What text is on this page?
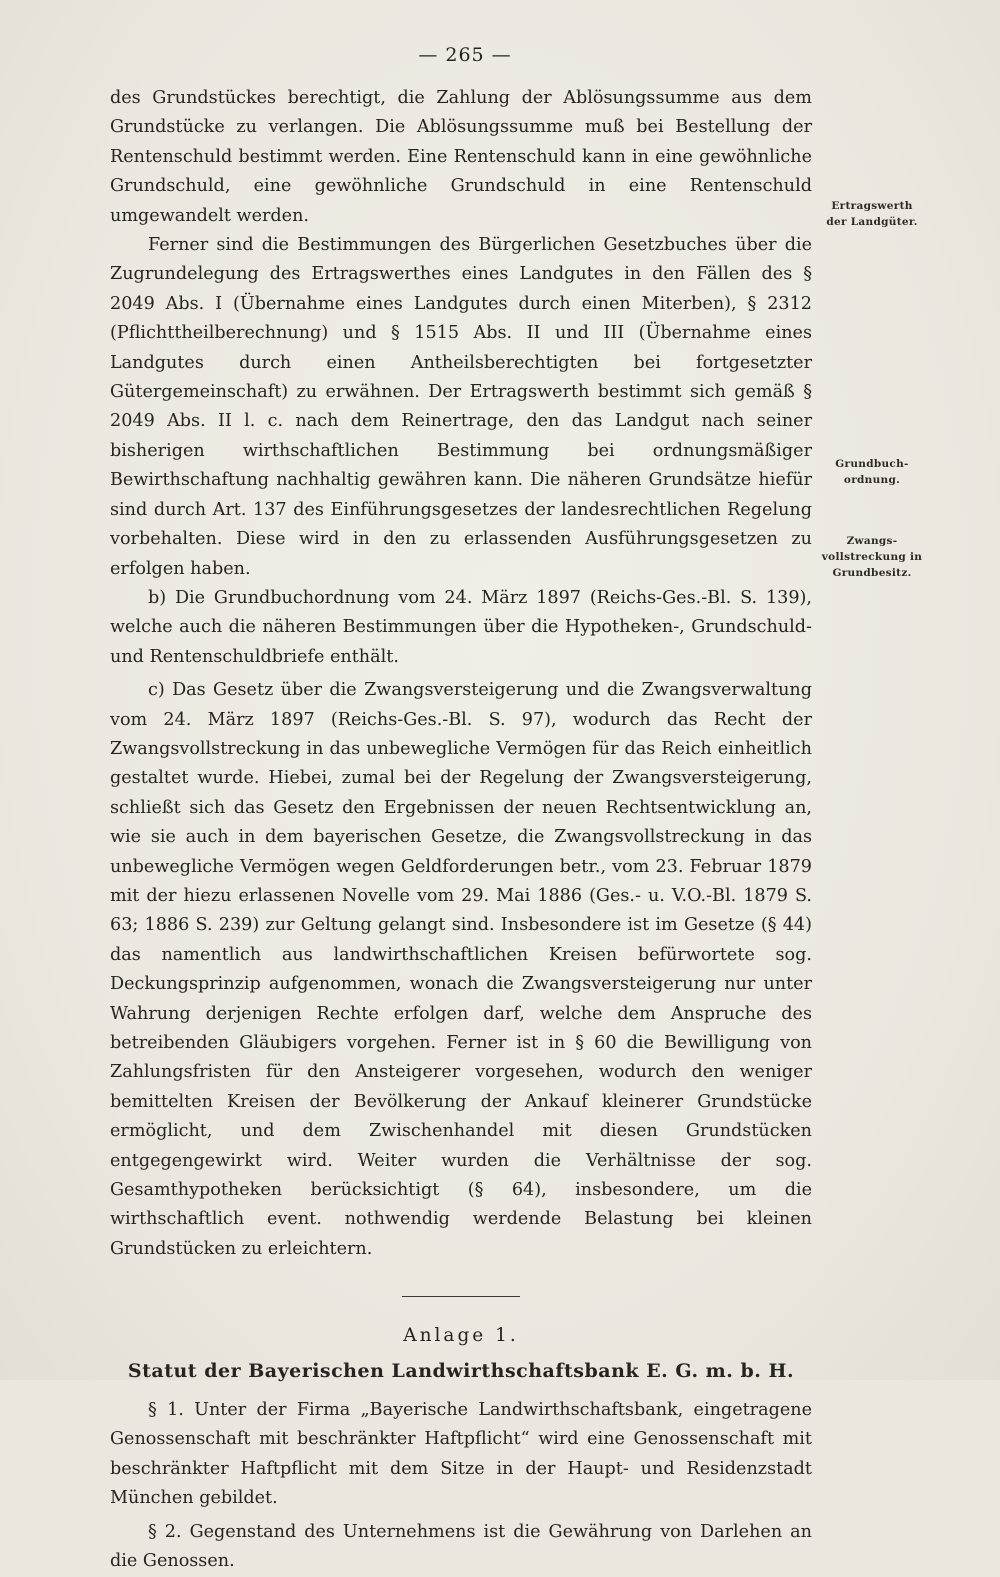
— 265 —

des Grundstückes berechtigt, die Zahlung der Ablösungssumme aus dem Grundstücke zu verlangen. Die Ablösungssumme muß bei Bestellung der Rentenschuld bestimmt werden. Eine Rentenschuld kann in eine gewöhnliche Grundschuld, eine gewöhnliche Grundschuld in eine Rentenschuld umgewandelt werden.

Ferner sind die Bestimmungen des Bürgerlichen Gesetzbuches über die Zugrundelegung des Ertragswerthes eines Landgutes in den Fällen des § 2049 Abs. I (Übernahme eines Landgutes durch einen Miterben), § 2312 (Pflichttheilberechnung) und § 1515 Abs. II und III (Übernahme eines Landgutes durch einen Antheilsberechtigten bei fortgesetzter Gütergemeinschaft) zu erwähnen. Der Ertragswerth bestimmt sich gemäß § 2049 Abs. II l. c. nach dem Reinertrage, den das Landgut nach seiner bisherigen wirthschaftlichen Bestimmung bei ordnungsmäßiger Bewirthschaftung nachhaltig gewähren kann. Die näheren Grundsätze hiefür sind durch Art. 137 des Einführungsgesetzes der landesrechtlichen Regelung vorbehalten. Diese wird in den zu erlassenden Ausführungsgesetzen zu erfolgen haben.

b) Die Grundbuchordnung vom 24. März 1897 (Reichs-Ges.-Bl. S. 139), welche auch die näheren Bestimmungen über die Hypotheken-, Grundschuld- und Rentenschuldbriefe enthält.

c) Das Gesetz über die Zwangsversteigerung und die Zwangsverwaltung vom 24. März 1897 (Reichs-Ges.-Bl. S. 97), wodurch das Recht der Zwangsvollstreckung in das unbewegliche Vermögen für das Reich einheitlich gestaltet wurde. Hiebei, zumal bei der Regelung der Zwangsversteigerung, schließt sich das Gesetz den Ergebnissen der neuen Rechtsentwicklung an, wie sie auch in dem bayerischen Gesetze, die Zwangsvollstreckung in das unbewegliche Vermögen wegen Geldforderungen betr., vom 23. Februar 1879 mit der hiezu erlassenen Novelle vom 29. Mai 1886 (Ges.- u. V.O.-Bl. 1879 S. 63; 1886 S. 239) zur Geltung gelangt sind. Insbesondere ist im Gesetze (§ 44) das namentlich aus landwirthschaftlichen Kreisen befürwortete sog. Deckungsprinzip aufgenommen, wonach die Zwangsversteigerung nur unter Wahrung derjenigen Rechte erfolgen darf, welche dem Anspruche des betreibenden Gläubigers vorgehen. Ferner ist in § 60 die Bewilligung von Zahlungsfristen für den Ansteigerer vorgesehen, wodurch den weniger bemittelten Kreisen der Bevölkerung der Ankauf kleinerer Grundstücke ermöglicht, und dem Zwischenhandel mit diesen Grundstücken entgegengewirkt wird. Weiter wurden die Verhältnisse der sog. Gesamthypotheken berücksichtigt (§ 64), insbesondere, um die wirthschaftlich event. nothwendig werdende Belastung bei kleinen Grundstücken zu erleichtern.

Anlage 1.

Statut der Bayerischen Landwirthschaftsbank E. G. m. b. H.

§ 1. Unter der Firma „Bayerische Landwirthschaftsbank, eingetragene Genossenschaft mit beschränkter Haftpflicht“ wird eine Genossenschaft mit beschränkter Haftpflicht mit dem Sitze in der Haupt- und Residenzstadt München gebildet.

§ 2. Gegenstand des Unternehmens ist die Gewährung von Darlehen an die Genossen.

Ertragswerth
der Landgüter.
Grundbuch-
ordnung.
Zwangs-
vollstreckung in
Grundbesitz.
